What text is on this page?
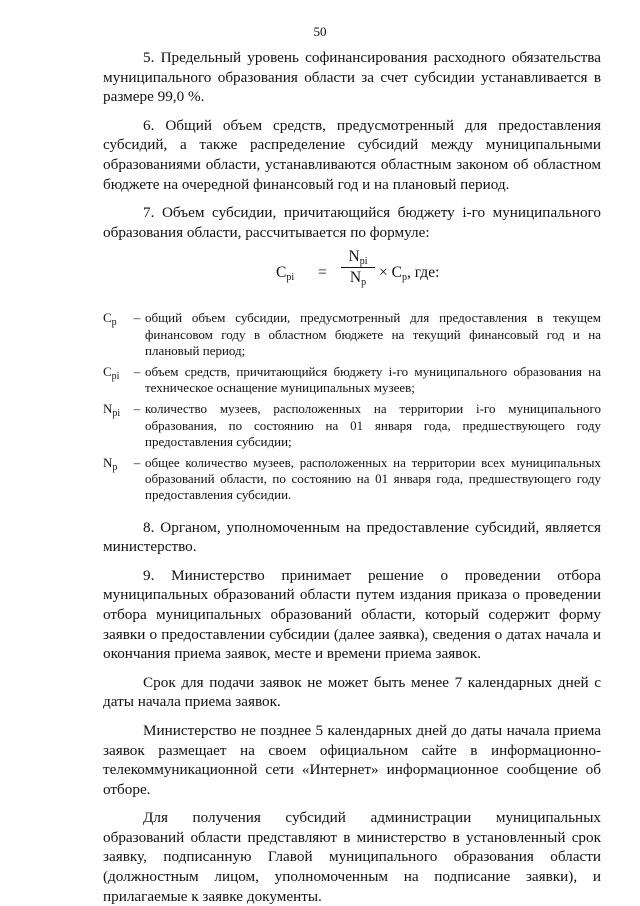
50

5. Предельный уровень софинансирования расходного обязательства муниципального образования области за счет субсидии устанавливается в размере 99,0 %.

6. Общий объем средств, предусмотренный для предоставления субсидий, а также распределение субсидий между муниципальными образованиями области, устанавливаются областным законом об областном бюджете на очередной финансовый год и на плановый период.

7. Объем субсидии, причитающийся бюджету i-го муниципального образования области, рассчитывается по формуле:

$C_{pi}$ =
$N_{pi}$
$N_p$
× $C_p$, где:
$C_p$	– общий объем субсидии, предусмотренный для предоставления в текущем финансовом году в областном бюджете на текущий финансовый год и на плановый период;
$C_{pi}$	– объем средств, причитающийся бюджету i-го муниципального образования на техническое оснащение муниципальных музеев;
$N_{pi}$	– количество музеев, расположенных на территории i-го муниципального образования, по состоянию на 01 января года, предшествующего году предоставления субсидии;
$N_p$	– общее количество музеев, расположенных на территории всех муниципальных образований области, по состоянию на 01 января года, предшествующего году предоставления субсидии.

8. Органом, уполномоченным на предоставление субсидий, является министерство.

9. Министерство принимает решение о проведении отбора муниципальных образований области путем издания приказа о проведении отбора муниципальных образований области, который содержит форму заявки о предоставлении субсидии (далее заявка), сведения о датах начала и окончания приема заявок, месте и времени приема заявок.

Срок для подачи заявок не может быть менее 7 календарных дней с даты начала приема заявок.

Министерство не позднее 5 календарных дней до даты начала приема заявок размещает на своем официальном сайте в информационно-телекоммуникационной сети «Интернет» информационное сообщение об отборе.

Для получения субсидий администрации муниципальных образований области представляют в министерство в установленный срок заявку, подписанную Главой муниципального образования области (должностным лицом, уполномоченным на подписание заявки), и прилагаемые к заявке документы.
